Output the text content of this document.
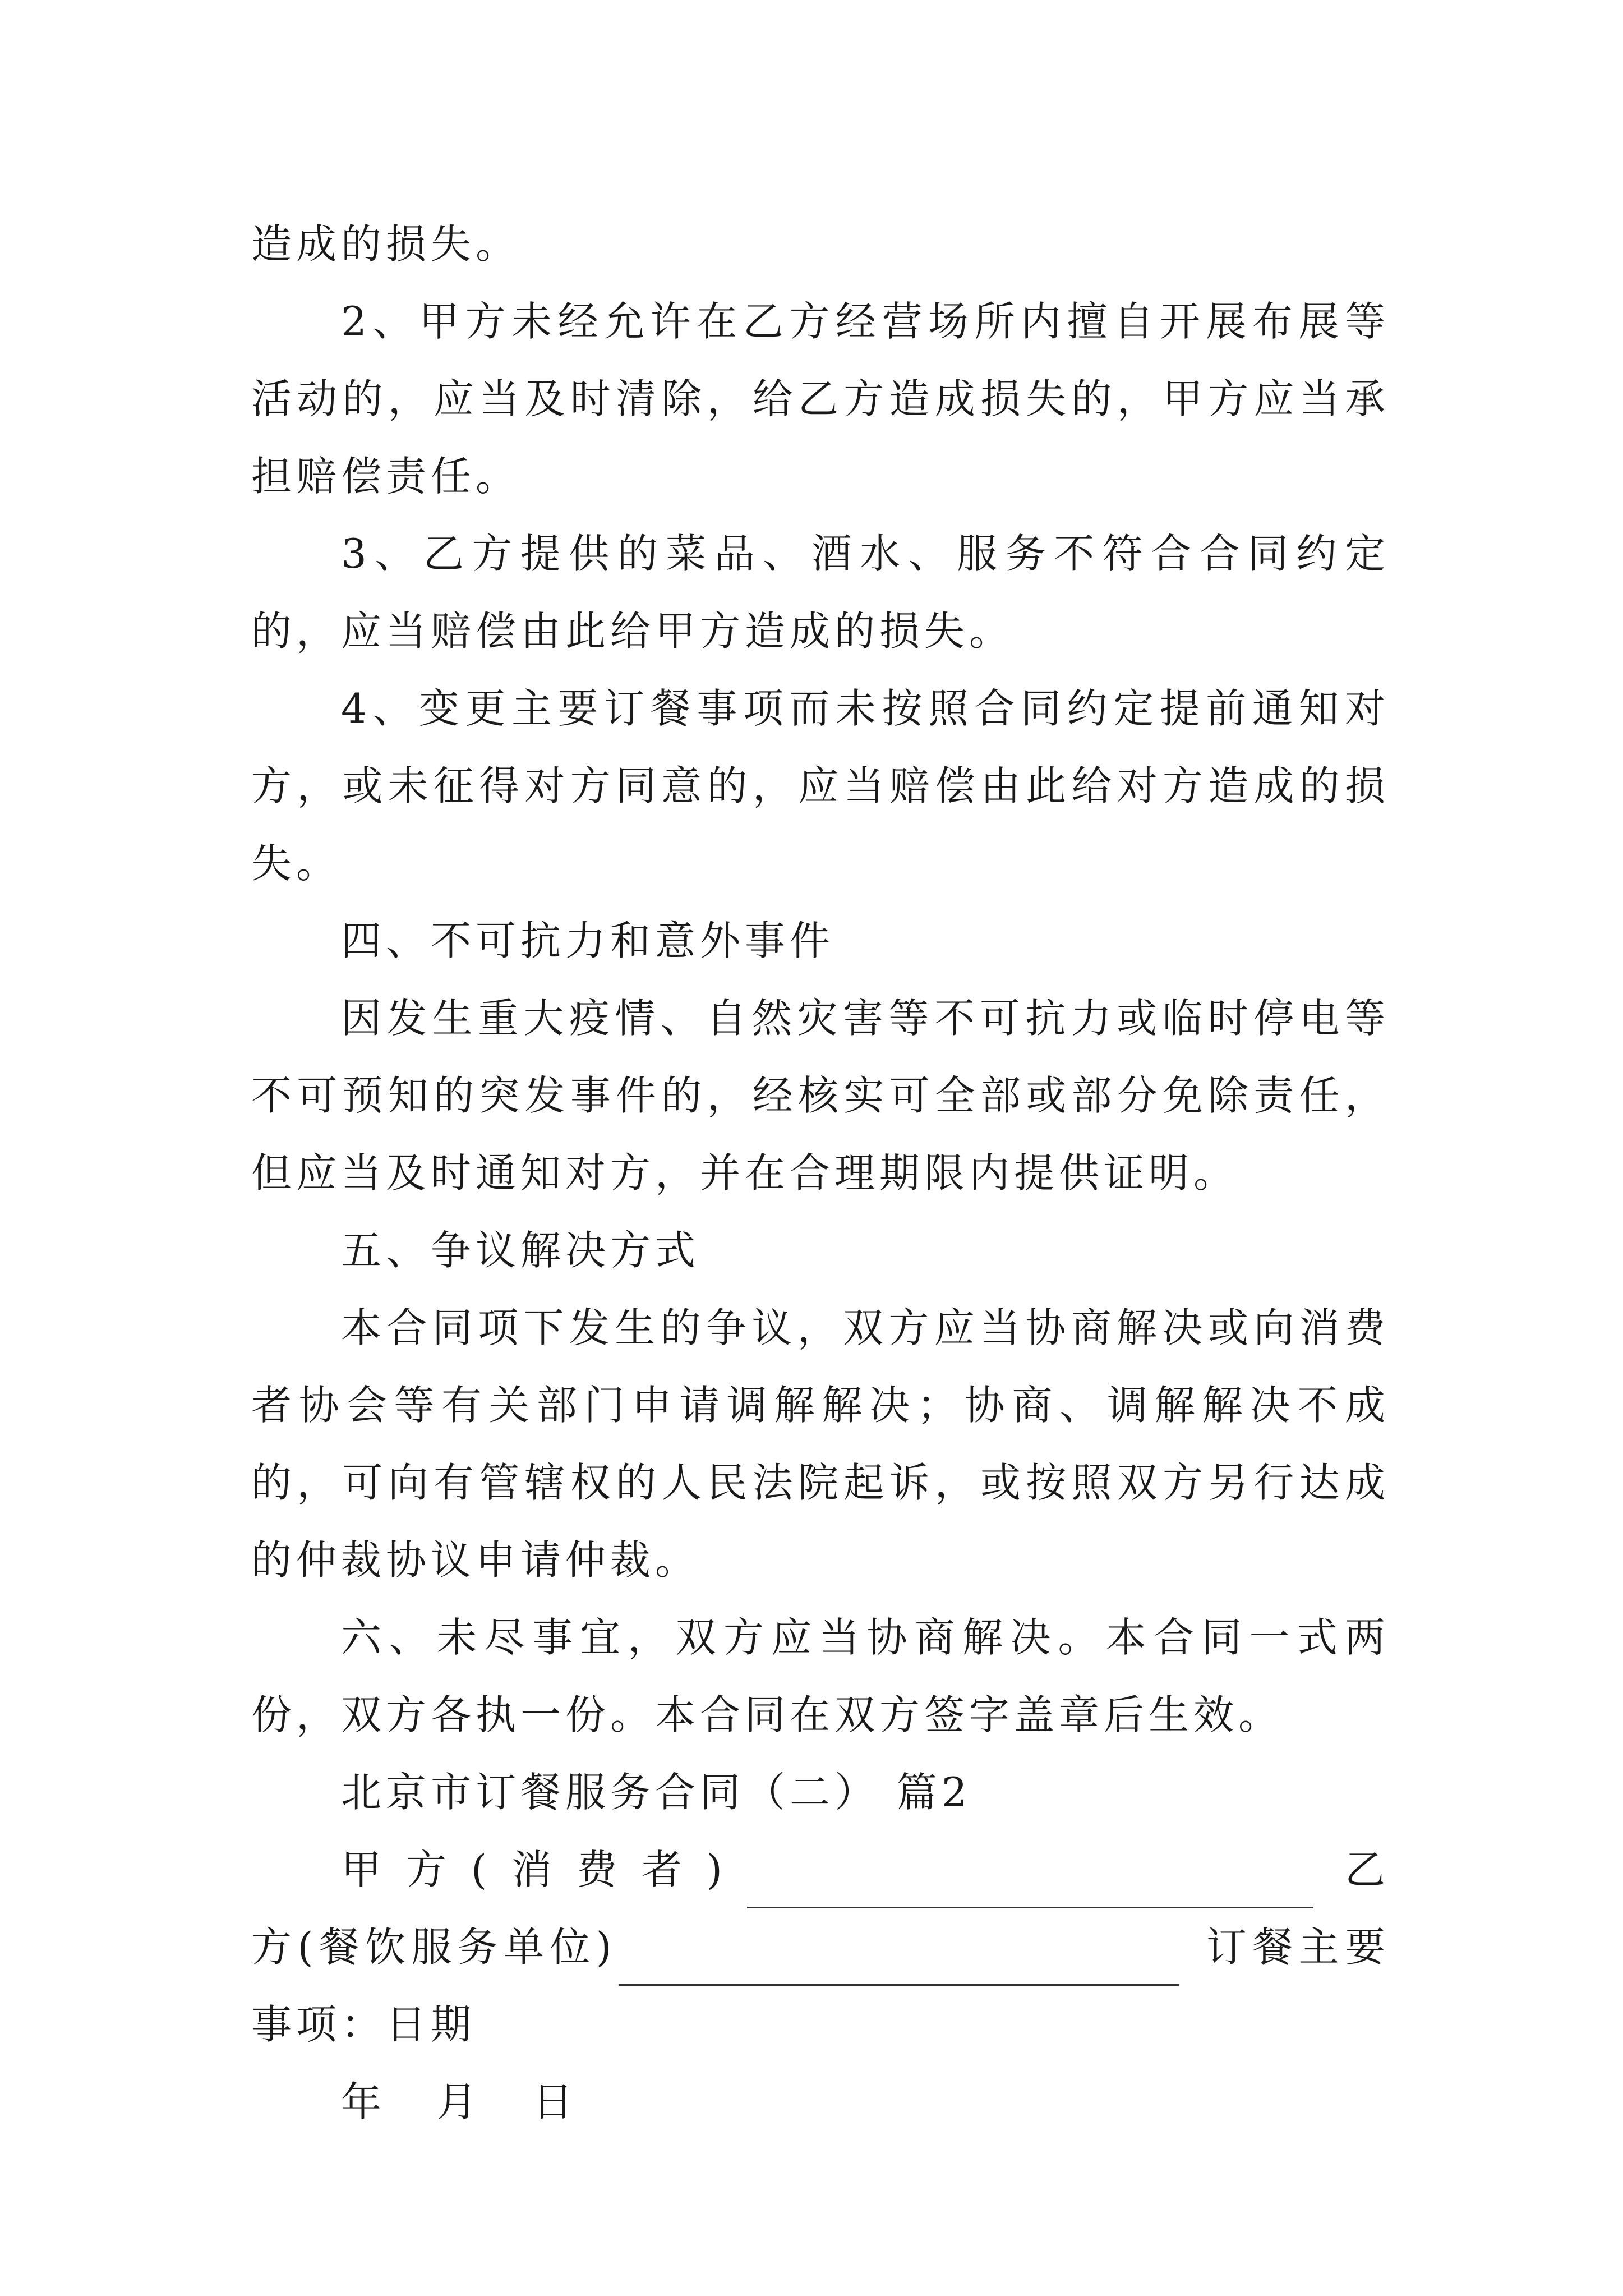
造成的损失。

2、甲方未经允许在乙方经营场所内擅自开展布展等活动的，应当及时清除，给乙方造成损失的，甲方应当承担赔偿责任。

3、乙方提供的菜品、酒水、服务不符合合同约定的，应当赔偿由此给甲方造成的损失。

4、变更主要订餐事项而未按照合同约定提前通知对方，或未征得对方同意的，应当赔偿由此给对方造成的损失。

四、不可抗力和意外事件

因发生重大疫情、自然灾害等不可抗力或临时停电等不可预知的突发事件的，经核实可全部或部分免除责任，但应当及时通知对方，并在合理期限内提供证明。

五、争议解决方式

本合同项下发生的争议，双方应当协商解决或向消费者协会等有关部门申请调解解决；协商、调解解决不成的，可向有管辖权的人民法院起诉，或按照双方另行达成的仲裁协议申请仲裁。

六、未尽事宜，双方应当协商解决。本合同一式两份，双方各执一份。本合同在双方签字盖章后生效。

北京市订餐服务合同（二） 篇2

甲方(消费者)	乙方(餐饮服务单位)	订餐主要事项：日期

年 月 日
